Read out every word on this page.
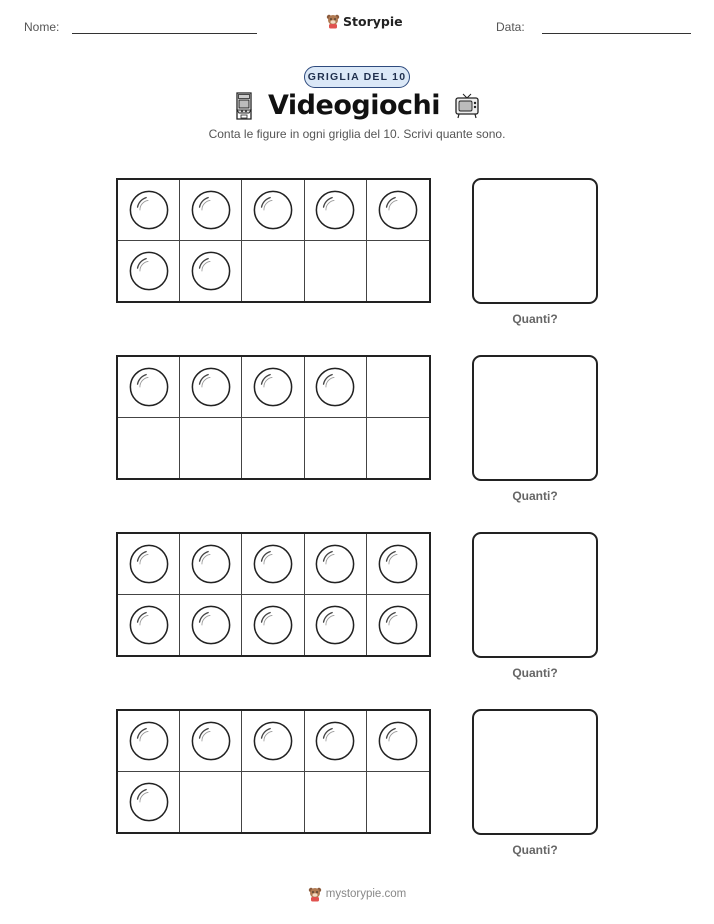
Nome:	Storypie	Data:
GRIGLIA DEL 10
Videogiochi
Conta le figure in ogni griglia del 10. Scrivi quante sono.
Quanti?
Quanti?
Quanti?
Quanti?
mystorypie.com
